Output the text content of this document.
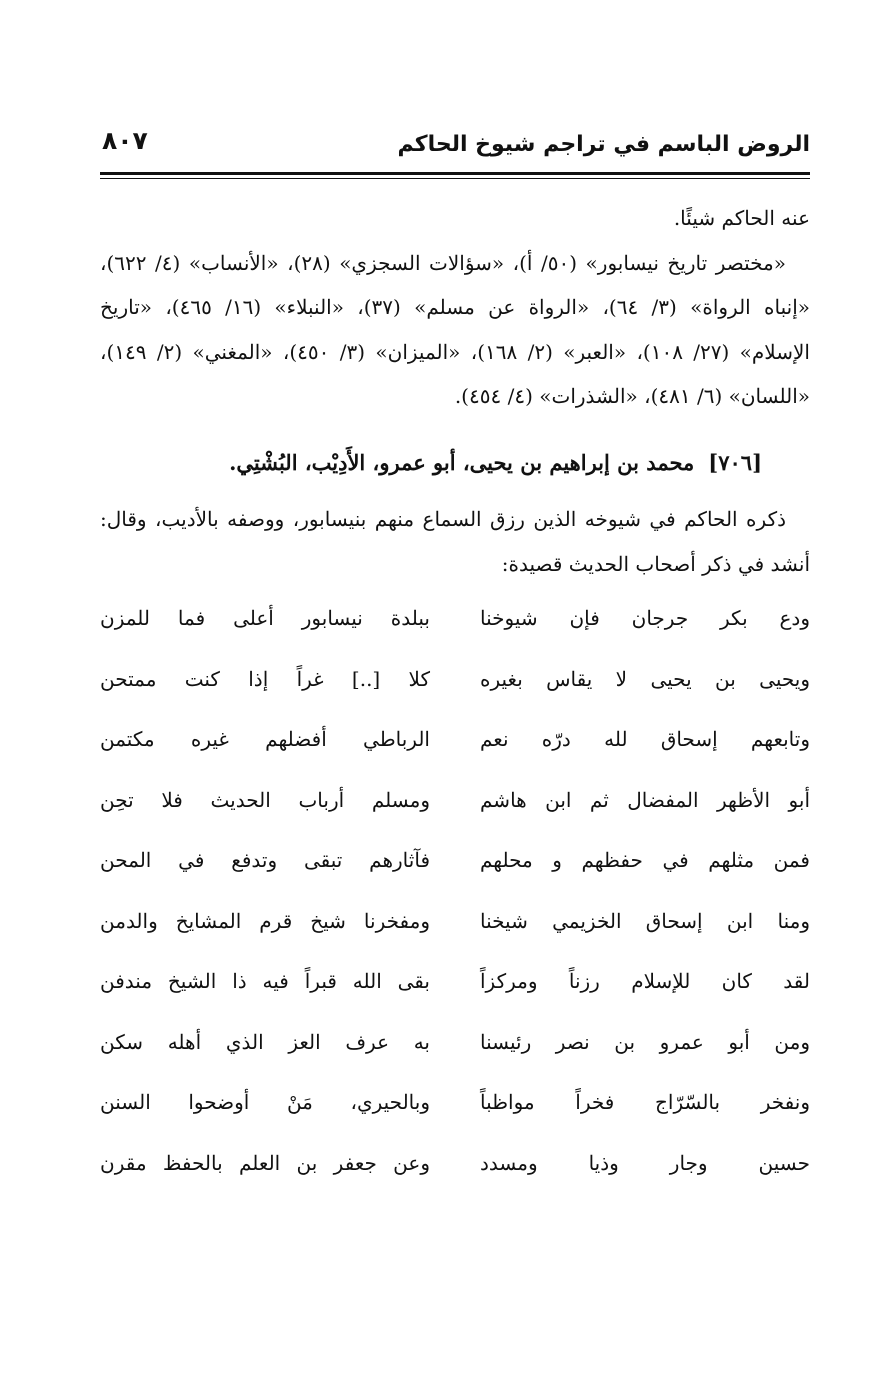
الروض الباسم في تراجم شيوخ الحاكم
٨٠٧

عنه الحاكم شيئًا.

«مختصر تاريخ نيسابور» (٥٠/ أ)، «سؤالات السجزي» (٢٨)، «الأنساب» (٤/ ٦٢٢)، «إنباه الرواة» (٣/ ٦٤)، «الرواة عن مسلم» (٣٧)، «النبلاء» (١٦/ ٤٦٥)، «تاريخ الإسلام» (٢٧/ ١٠٨)، «العبر» (٢/ ١٦٨)، «الميزان» (٣/ ٤٥٠)، «المغني» (٢/ ١٤٩)، «اللسان» (٦/ ٤٨١)، «الشذرات» (٤/ ٤٥٤).

[٧٠٦]محمد بن إبراهيم بن يحيى، أبو عمرو، الأَدِيْب، البُشْتِي.

ذكره الحاكم في شيوخه الذين رزق السماع منهم بنيسابور، ووصفه بالأديب، وقال: أنشد في ذكر أصحاب الحديث قصيدة:

ودع بكر جرجان فإن شيوخنا
ببلدة نيسابور أعلى فما للمزن
ويحيى بن يحيى لا يقاس بغيره
كلا [..] غراً إذا كنت ممتحن
وتابعهم إسحاق لله درّه نعم
الرباطي أفضلهم غيره مكتمن
أبو الأظهر المفضال ثم ابن هاشم
ومسلم أرباب الحديث فلا تحِن
فمن مثلهم في حفظهم و محلهم
فآثارهم تبقى وتدفع في المحن
ومنا ابن إسحاق الخزيمي شيخنا
ومفخرنا شيخ قرم المشايخ والدمن
لقد كان للإسلام رزناً ومركزاً
بقى الله قبراً فيه ذا الشيخ مندفن
ومن أبو عمرو بن نصر رئيسنا
به عرف العز الذي أهله سكن
ونفخر بالسّرّاج فخراً مواظباً
وبالحيري، مَنْ أوضحوا السنن
حسين وجار وذيا ومسدد
وعن جعفر بن العلم بالحفظ مقرن
